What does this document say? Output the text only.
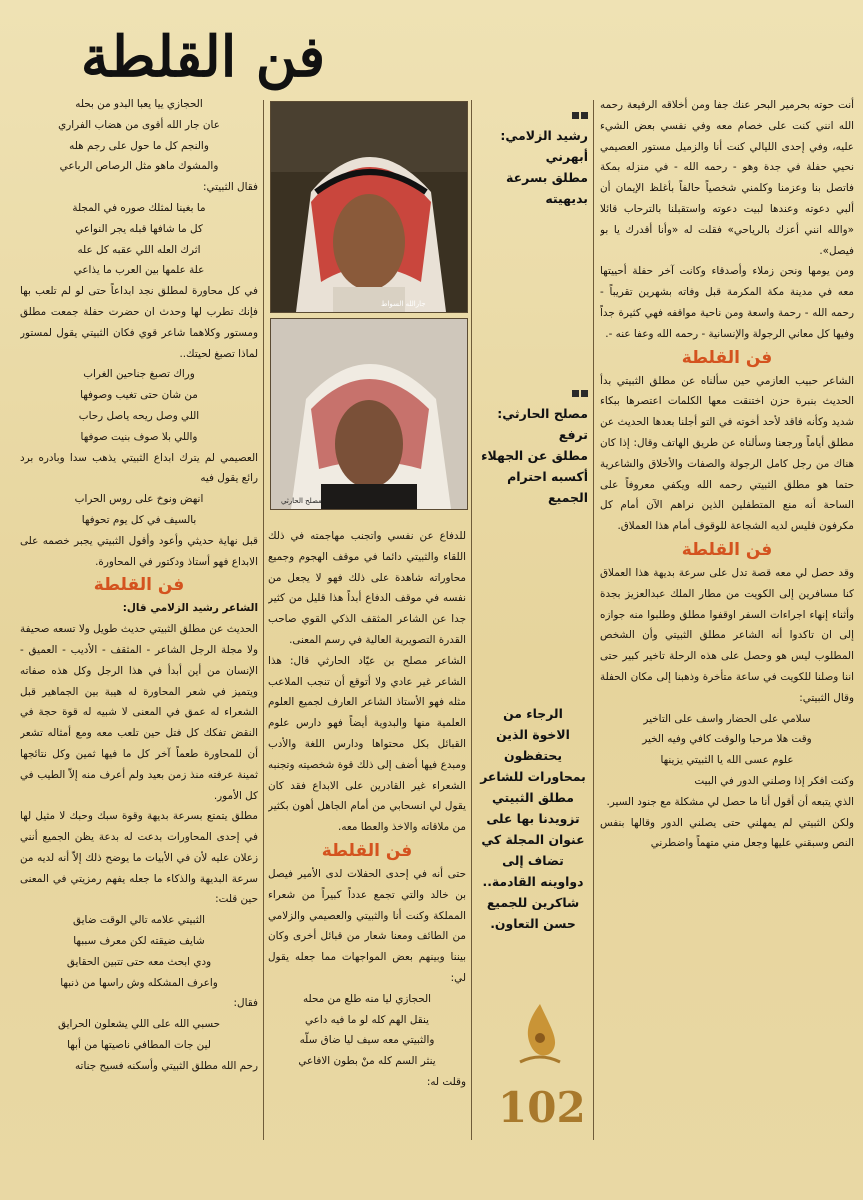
فن القلطة

أنت حوته بحرمير البحر عنك جفا ومن أخلاقه الرفيعة رحمه الله انني كنت على خصام معه وفي نفسي بعض الشيء عليه، وفي إحدى الليالي كنت أنا والزميل مستور العصيمي نحيي حفلة في جدة وهو - رحمه الله - في منزله بمكة فاتصل بنا وعزمنا وكلمني شخصياً حالفاً بأغلظ الإيمان أن ألبي دعوته وعندها لبيت دعوته واستقبلنا بالترحاب قائلا «والله انني أعزك بالرياحي» فقلت له «وأنا أقدرك يا بو فيصل».

ومن يومها ونحن زملاء وأصدقاء وكانت آخر حفلة أحييتها معه في مدينة مكة المكرمة قبل وفاته بشهرين تقريباً - رحمه الله - رحمة واسعة ومن ناحية مواقفه فهي كثيرة جداً وفيها كل معاني الرجولة والإنسانية - رحمه الله وعفا عنه -.

فن القلطة

الشاعر حبيب العازمي حين سألناه عن مطلق الثبيتي بدأ الحديث بنبرة حزن اختنقت معها الكلمات اعتصرها ببكاء شديد وكأنه فاقد لأحد أخوته في التو أجلنا بعدها الحديث عن مطلق أياماً ورجعنا وسألناه عن طريق الهاتف وقال: إذا كان هناك من رجل كامل الرجولة والصفات والأخلاق والشاعرية حتما هو مطلق الثبيتي رحمه الله ويكفي معروفاً على الساحة أنه منع المتطفلين الذين نراهم الآن أمام كل مكرفون فليس لديه الشجاعة للوقوف أمام هذا العملاق.

فن القلطة

وقد حصل لي معه قصة تدل على سرعة بديهة هذا العملاق كنا مسافرين إلى الكويت من مطار الملك عبدالعزيز بجدة وأثناء إنهاء اجراءات السفر اوقفوا مطلق وطلبوا منه جوازه إلى ان تاكدوا أنه الشاعر مطلق الثبيتي وأن الشخص المطلوب ليس هو وحصل على هذه الرحلة تاخير كبير حتى اننا وصلنا للكويت في ساعة متأخرة وذهبنا إلى مكان الحفلة وقال الثبيتي:

سلامي على الحضار واسف على التاخير

وقت هلا مرحبا والوقت كافي وفيه الخير

علوم عسى الله يا الثبيتي يزينها

وكنت افكر إذا وصلني الدور في البيت

الذي يتبعه أن أقول أنا ما حصل لي مشكلة مع جنود السير.

ولكن الثبيتي لم يمهلني حتى يصلني الدور وقالها بنفس النص وسبقني عليها وجعل مني متهماً واضطرني

رشيد الزلامي: أبهرني
مطلق بسرعة بديهيته
مصلح الحارثي: ترفع
مطلق عن الجهلاء
أكسبه احترام الجميع
الرجاء من
الاخوة الذين
يحتفظون
بمحاورات للشاعر
مطلق الثبيتي
تزويدنا بها على
عنوان المجلة كي
تضاف إلى
دواوينه القادمة..
شاكرين للجميع
حسن التعاون.
102
جارالله السواط
مصلح الحارثي

للدفاع عن نفسي واتجنب مهاجمته في ذلك اللقاء والثبيتي دائما في موقف الهجوم وجميع محاوراته شاهدة على ذلك فهو لا يجعل من نفسه في موقف الدفاع أبداً هذا قليل من كثير جدا عن الشاعر المثقف الذكي القوي صاحب القدرة التصويرية العالية في رسم المعنى.

الشاعر مصلح بن عيّاد الحارثي قال: هذا الشاعر غير عادي ولا أتوقع أن تنجب الملاعب مثله فهو الأستاذ الشاعر العارف لجميع العلوم العلمية منها والبدوية أيضاً فهو دارس علوم القبائل بكل محتواها ودارس اللغة والأدب ومبدع فيها أضف إلى ذلك قوة شخصيته وتجنبه الشعراء غير القادرين على الابداع فقد كان يقول لي انسحابي من أمام الجاهل أهون بكثير من ملاقاته والاخذ والعطا معه.

فن القلطة

حتى أنه في إحدى الحفلات لدى الأمير فيصل بن خالد والتي تجمع عدداً كبيراً من شعراء المملكة وكنت أنا والثبيتي والعصيمي والزلامي من الطائف ومعنا شعار من قبائل أخرى وكان بيننا وبينهم بعض المواجهات مما جعله يقول لي:

الحجازي ليا منه طلع من محله

ينقل الهم كله لو ما فيه داعي

والثبيتي معه سيف ليا ضاق سلّه

ينثر السم كله منْ بطون الافاعي

وقلت له:

الحجازي ييا يعبا البدو من بحله

عان جار الله أقوى من هضاب الفراري

والنجم كل ما حول على رجم هله

والمشوك ماهو مثل الرصاص الرباعي

فقال الثبيتي:

ما بغينا لمثلك صوره في المجلة

كل ما شافها قبله يجر النواعي

اثرك العله اللي عقبه كل عله

علة علمها بين العرب ما يذاعي

في كل محاورة لمطلق نجد ابداعاً حتى لو لم تلعب بها فإنك تطرب لها وحدث ان حضرت حفلة جمعت مطلق ومستور وكلاهما شاعر قوي فكان الثبيتي يقول لمستور لماذا تصبغ لحيتك..

وراك تصبغ جناحين الغراب

من شان حتى تغيب وصوفها

اللي وصل ريحه ياصل رحاب

واللي بلا صوف بنيت صوفها

العصيمي لم يترك ابداع الثبيتي يذهب سدا وبادره برد رائع يقول فيه

انهض ونوخ على روس الحراب

بالسيف في كل يوم تحوفها

قبل نهاية حديثي وأعود وأقول الثبيتي يجبر خصمه على الابداع فهو أستاذ ودكتور في المحاورة.

فن القلطة

الشاعر رشيد الزلامي قال:

الحديث عن مطلق الثبيتي حديث طويل ولا تسعه صحيفة ولا مجلة الرجل الشاعر - المثقف - الأديب - العميق - الإنسان من أين أبدأ في هذا الرجل وكل هذه صفاته ويتميز في شعر المحاورة له هيبة بين الجماهير قبل الشعراء له عمق في المعنى لا شبيه له قوة حجة في النقض تفكك كل فتل حين تلعب معه ومع أمثاله تشعر أن للمحاورة طعماً آخر كل ما فيها ثمين وكل نتائجها ثمينة عرفته منذ زمن بعيد ولم أعرف منه إلاّ الطيب في كل الأمور.

مطلق يتمتع بسرعة بديهة وقوة سبك وحبك لا مثيل لها في إحدى المحاورات بدعت له بدعة يظن الجميع أنني زعلان عليه لأن في الأبيات ما يوضح ذلك إلاّ أنه لديه من سرعة البديهة والذكاء ما جعله يفهم رمزيتي في المعنى حين قلت:

الثبيتي علامه تالي الوقت ضايق

شايف ضيقته لكن معرف سببها

ودي ابحث معه حتى تتبين الحقايق

واعرف المشكله وش راسها من ذنبها

فقال:

حسبي الله على اللي يشعلون الحرايق

لين جات المطافي ناصيتها من أبها

رحم الله مطلق الثبيتي وأسكنه فسيح جناته
